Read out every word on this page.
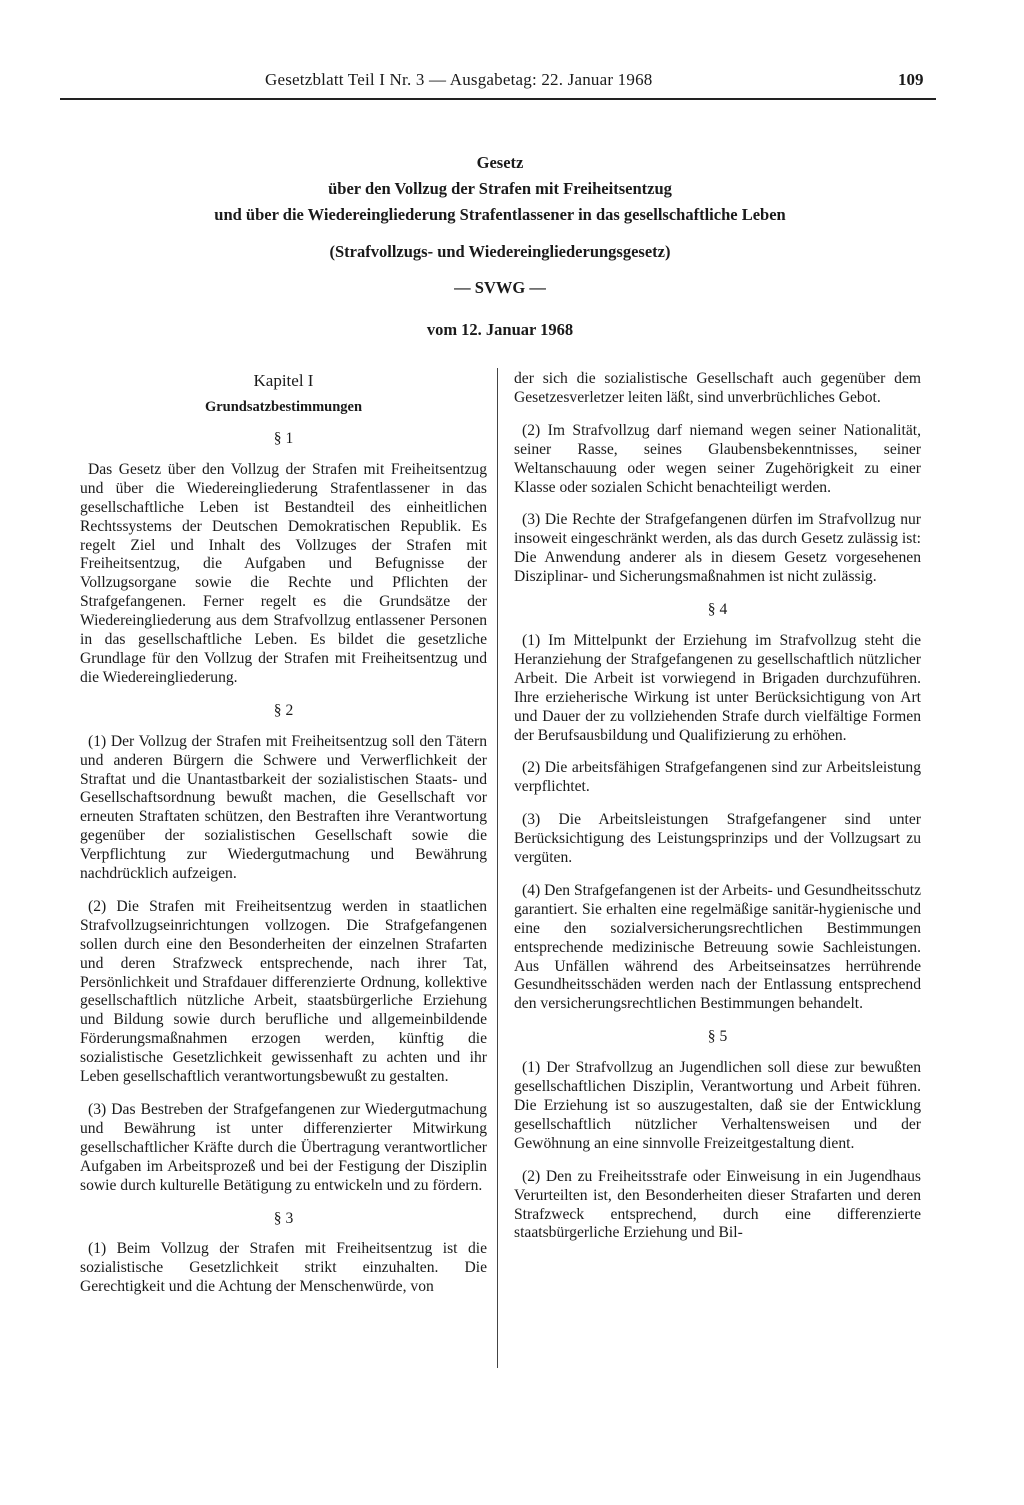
Gesetzblatt Teil I Nr. 3 — Ausgabetag: 22. Januar 1968	109
Gesetz
über den Vollzug der Strafen mit Freiheitsentzug
und über die Wiedereingliederung Strafentlassener in das gesellschaftliche Leben
(Strafvollzugs- und Wiedereingliederungsgesetz)
— SVWG —
vom 12. Januar 1968

Kapitel I

Grundsatzbestimmungen

§ 1

Das Gesetz über den Vollzug der Strafen mit Freiheitsentzug und über die Wiedereingliederung Strafentlassener in das gesellschaftliche Leben ist Bestandteil des einheitlichen Rechtssystems der Deutschen Demokratischen Republik. Es regelt Ziel und Inhalt des Vollzuges der Strafen mit Freiheitsentzug, die Aufgaben und Befugnisse der Vollzugsorgane sowie die Rechte und Pflichten der Strafgefangenen. Ferner regelt es die Grundsätze der Wiedereingliederung aus dem Strafvollzug entlassener Personen in das gesellschaftliche Leben. Es bildet die gesetzliche Grundlage für den Vollzug der Strafen mit Freiheitsentzug und die Wiedereingliederung.

§ 2

(1) Der Vollzug der Strafen mit Freiheitsentzug soll den Tätern und anderen Bürgern die Schwere und Verwerflichkeit der Straftat und die Unantastbarkeit der sozialistischen Staats- und Gesellschaftsordnung bewußt machen, die Gesellschaft vor erneuten Straftaten schützen, den Bestraften ihre Verantwortung gegenüber der sozialistischen Gesellschaft sowie die Verpflichtung zur Wiedergutmachung und Bewährung nachdrücklich aufzeigen.

(2) Die Strafen mit Freiheitsentzug werden in staatlichen Strafvollzugseinrichtungen vollzogen. Die Strafgefangenen sollen durch eine den Besonderheiten der einzelnen Strafarten und deren Strafzweck entsprechende, nach ihrer Tat, Persönlichkeit und Strafdauer differenzierte Ordnung, kollektive gesellschaftlich nützliche Arbeit, staatsbürgerliche Erziehung und Bildung sowie durch berufliche und allgemeinbildende Förderungsmaßnahmen erzogen werden, künftig die sozialistische Gesetzlichkeit gewissenhaft zu achten und ihr Leben gesellschaftlich verantwortungsbewußt zu gestalten.

(3) Das Bestreben der Strafgefangenen zur Wiedergutmachung und Bewährung ist unter differenzierter Mitwirkung gesellschaftlicher Kräfte durch die Übertragung verantwortlicher Aufgaben im Arbeitsprozeß und bei der Festigung der Disziplin sowie durch kulturelle Betätigung zu entwickeln und zu fördern.

§ 3

(1) Beim Vollzug der Strafen mit Freiheitsentzug ist die sozialistische Gesetzlichkeit strikt einzuhalten. Die Gerechtigkeit und die Achtung der Menschenwürde, von

der sich die sozialistische Gesellschaft auch gegenüber dem Gesetzesverletzer leiten läßt, sind unverbrüchliches Gebot.

(2) Im Strafvollzug darf niemand wegen seiner Nationalität, seiner Rasse, seines Glaubensbekenntnisses, seiner Weltanschauung oder wegen seiner Zugehörigkeit zu einer Klasse oder sozialen Schicht benachteiligt werden.

(3) Die Rechte der Strafgefangenen dürfen im Strafvollzug nur insoweit eingeschränkt werden, als das durch Gesetz zulässig ist: Die Anwendung anderer als in diesem Gesetz vorgesehenen Disziplinar- und Sicherungsmaßnahmen ist nicht zulässig.

§ 4

(1) Im Mittelpunkt der Erziehung im Strafvollzug steht die Heranziehung der Strafgefangenen zu gesellschaftlich nützlicher Arbeit. Die Arbeit ist vorwiegend in Brigaden durchzuführen. Ihre erzieherische Wirkung ist unter Berücksichtigung von Art und Dauer der zu vollziehenden Strafe durch vielfältige Formen der Berufsausbildung und Qualifizierung zu erhöhen.

(2) Die arbeitsfähigen Strafgefangenen sind zur Arbeitsleistung verpflichtet.

(3) Die Arbeitsleistungen Strafgefangener sind unter Berücksichtigung des Leistungsprinzips und der Vollzugsart zu vergüten.

(4) Den Strafgefangenen ist der Arbeits- und Gesundheitsschutz garantiert. Sie erhalten eine regelmäßige sanitär-hygienische und eine den sozialversicherungsrechtlichen Bestimmungen entsprechende medizinische Betreuung sowie Sachleistungen. Aus Unfällen während des Arbeitseinsatzes herrührende Gesundheitsschäden werden nach der Entlassung entsprechend den versicherungsrechtlichen Bestimmungen behandelt.

§ 5

(1) Der Strafvollzug an Jugendlichen soll diese zur bewußten gesellschaftlichen Disziplin, Verantwortung und Arbeit führen. Die Erziehung ist so auszugestalten, daß sie der Entwicklung gesellschaftlich nützlicher Verhaltensweisen und der Gewöhnung an eine sinnvolle Freizeitgestaltung dient.

(2) Den zu Freiheitsstrafe oder Einweisung in ein Jugendhaus Verurteilten ist, den Besonderheiten dieser Strafarten und deren Strafzweck entsprechend, durch eine differenzierte staatsbürgerliche Erziehung und Bil-
